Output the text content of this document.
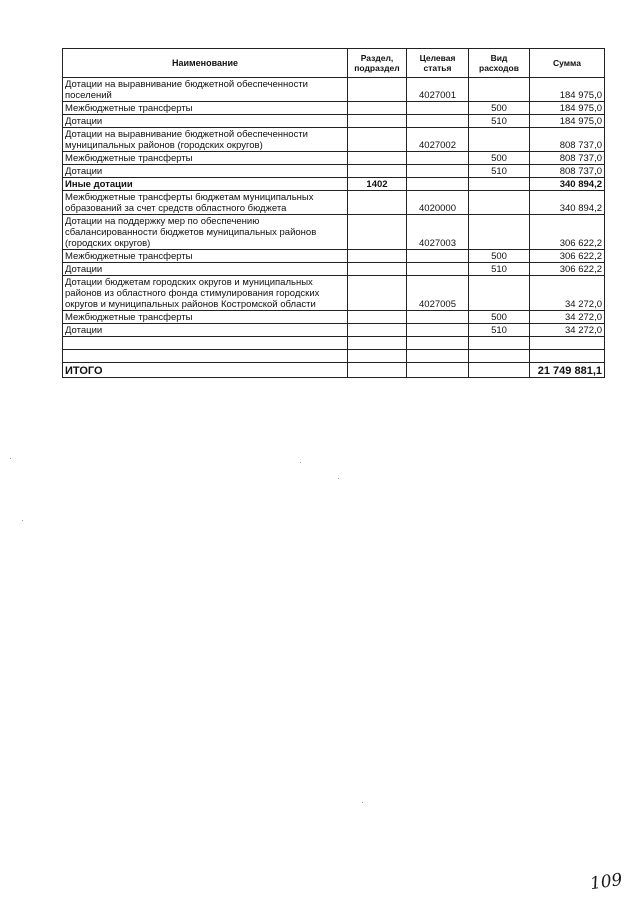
Наименование	Раздел, подраздел	Целевая статья	Вид расходов	Сумма
Дотации на выравнивание бюджетной обеспеченности поселений		4027001		184 975,0
Межбюджетные трансферты			500	184 975,0
Дотации			510	184 975,0
Дотации на выравнивание бюджетной обеспеченности муниципальных районов (городских округов)		4027002		808 737,0
Межбюджетные трансферты			500	808 737,0
Дотации			510	808 737,0
Иные дотации	1402			340 894,2
Межбюджетные трансферты бюджетам муниципальных образований за счет средств областного бюджета		4020000		340 894,2
Дотации на поддержку мер по обеспечению сбалансированности бюджетов муниципальных районов (городских округов)		4027003		306 622,2
Межбюджетные трансферты			500	306 622,2
Дотации			510	306 622,2
Дотации бюджетам городских округов и муниципальных районов из областного фонда стимулирования городских округов и муниципальных районов Костромской области		4027005		34 272,0
Межбюджетные трансферты			500	34 272,0
Дотации			510	34 272,0

ИТОГО				21 749 881,1
109
